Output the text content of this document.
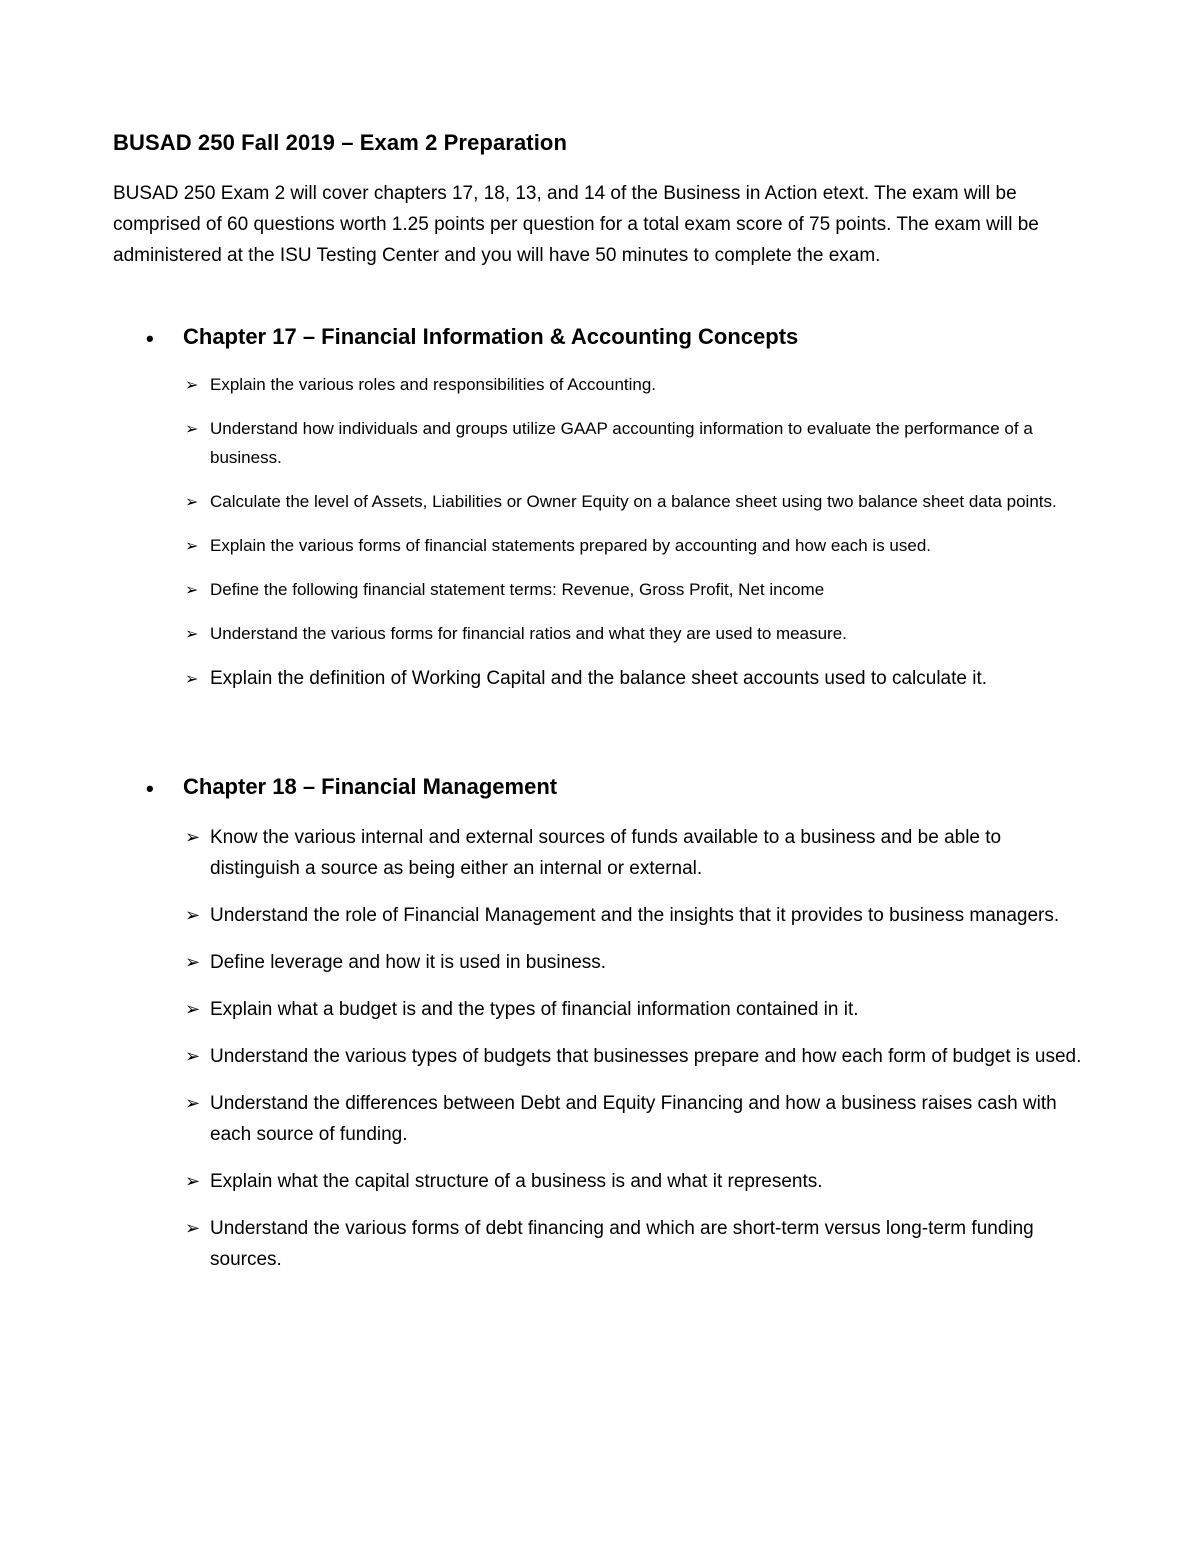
BUSAD 250 Fall 2019 – Exam 2 Preparation
BUSAD 250 Exam 2 will cover chapters 17, 18, 13, and 14 of the Business in Action etext. The exam will be comprised of 60 questions worth 1.25 points per question for a total exam score of 75 points. The exam will be administered at the ISU Testing Center and you will have 50 minutes to complete the exam.
• Chapter 17 – Financial Information & Accounting Concepts
➢ Explain the various roles and responsibilities of Accounting.
➢ Understand how individuals and groups utilize GAAP accounting information to evaluate the performance of a business.
➢ Calculate the level of Assets, Liabilities or Owner Equity on a balance sheet using two balance sheet data points.
➢ Explain the various forms of financial statements prepared by accounting and how each is used.
➢ Define the following financial statement terms: Revenue, Gross Profit, Net income
➢ Understand the various forms for financial ratios and what they are used to measure.
➢ Explain the definition of Working Capital and the balance sheet accounts used to calculate it.
• Chapter 18 – Financial Management
➢ Know the various internal and external sources of funds available to a business and be able to distinguish a source as being either an internal or external.
➢ Understand the role of Financial Management and the insights that it provides to business managers.
➢ Define leverage and how it is used in business.
➢ Explain what a budget is and the types of financial information contained in it.
➢ Understand the various types of budgets that businesses prepare and how each form of budget is used.
➢ Understand the differences between Debt and Equity Financing and how a business raises cash with each source of funding.
➢ Explain what the capital structure of a business is and what it represents.
➢ Understand the various forms of debt financing and which are short-term versus long-term funding sources.
